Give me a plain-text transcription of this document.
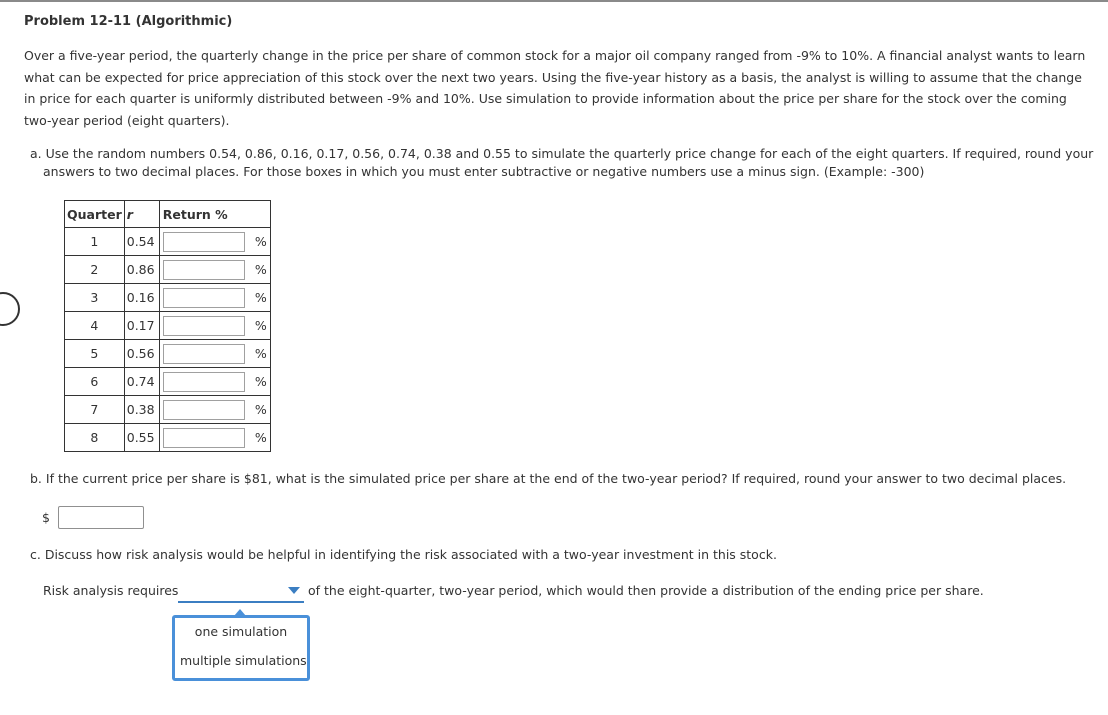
Problem 12-11 (Algorithmic)

Over a five-year period, the quarterly change in the price per share of common stock for a major oil company ranged from -9% to 10%. A financial analyst wants to learn what can be expected for price appreciation of this stock over the next two years. Using the five-year history as a basis, the analyst is willing to assume that the change in price for each quarter is uniformly distributed between -9% and 10%. Use simulation to provide information about the price per share for the stock over the coming two-year period (eight quarters).

a. Use the random numbers 0.54, 0.86, 0.16, 0.17, 0.56, 0.74, 0.38 and 0.55 to simulate the quarterly price change for each of the eight quarters. If required, round your answers to two decimal places. For those boxes in which you must enter subtractive or negative numbers use a minus sign. (Example: -300)

Quarter	r	Return %
1	0.54	%

2	0.86	%

3	0.16	%

4	0.17	%

5	0.56	%

6	0.74	%

7	0.38	%

8	0.55	%

b. If the current price per share is $81, what is the simulated price per share at the end of the two-year period? If required, round your answer to two decimal places.

$

c. Discuss how risk analysis would be helpful in identifying the risk associated with a two-year investment in this stock.

Risk analysis requires	of the eight-quarter, two-year period, which would then provide a distribution of the ending price per share.
one simulation
multiple simulations
